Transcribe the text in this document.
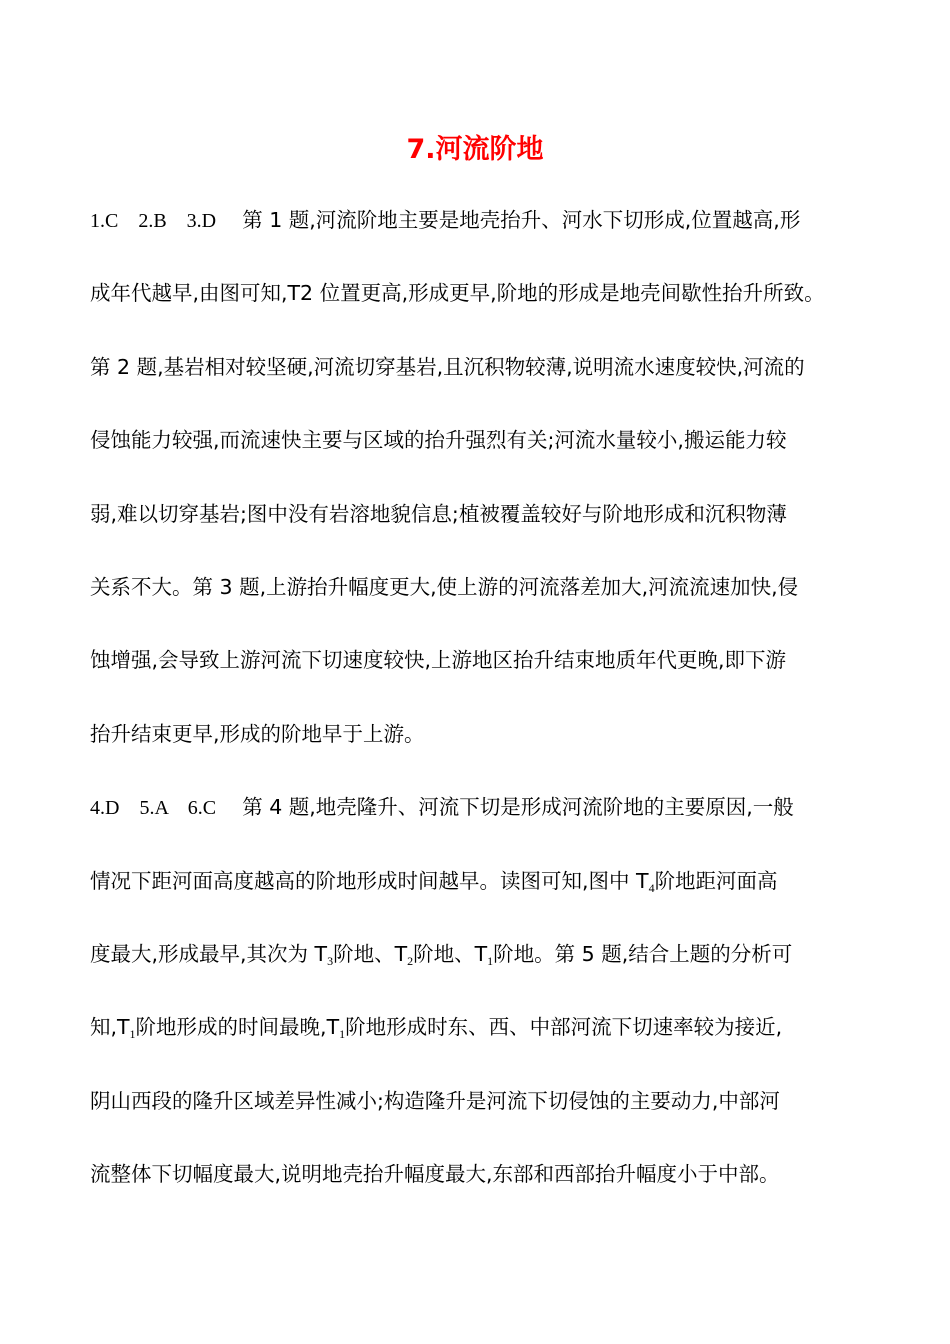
7.河流阶地
1.C    2.B    3.D 第 1 题,河流阶地主要是地壳抬升、河水下切形成,位置越高,形
成年代越早,由图可知,T2 位置更高,形成更早,阶地的形成是地壳间歇性抬升所致。
第 2 题,基岩相对较坚硬,河流切穿基岩,且沉积物较薄,说明流水速度较快,河流的
侵蚀能力较强,而流速快主要与区域的抬升强烈有关;河流水量较小,搬运能力较
弱,难以切穿基岩;图中没有岩溶地貌信息;植被覆盖较好与阶地形成和沉积物薄
关系不大。第 3 题,上游抬升幅度更大,使上游的河流落差加大,河流流速加快,侵
蚀增强,会导致上游河流下切速度较快,上游地区抬升结束地质年代更晚,即下游
抬升结束更早,形成的阶地早于上游。
4.D    5.A    6.C 第 4 题,地壳隆升、河流下切是形成河流阶地的主要原因,一般
情况下距河面高度越高的阶地形成时间越早。读图可知,图中 $T_4$阶地距河面高
度最大,形成最早,其次为 $T_3$阶地、$T_2$阶地、$T_1$阶地。第 5 题,结合上题的分析可
知$,T_1$阶地形成的时间最晚$,T_1$阶地形成时东、西、中部河流下切速率较为接近,
阴山西段的隆升区域差异性减小;构造隆升是河流下切侵蚀的主要动力,中部河
流整体下切幅度最大,说明地壳抬升幅度最大,东部和西部抬升幅度小于中部。
